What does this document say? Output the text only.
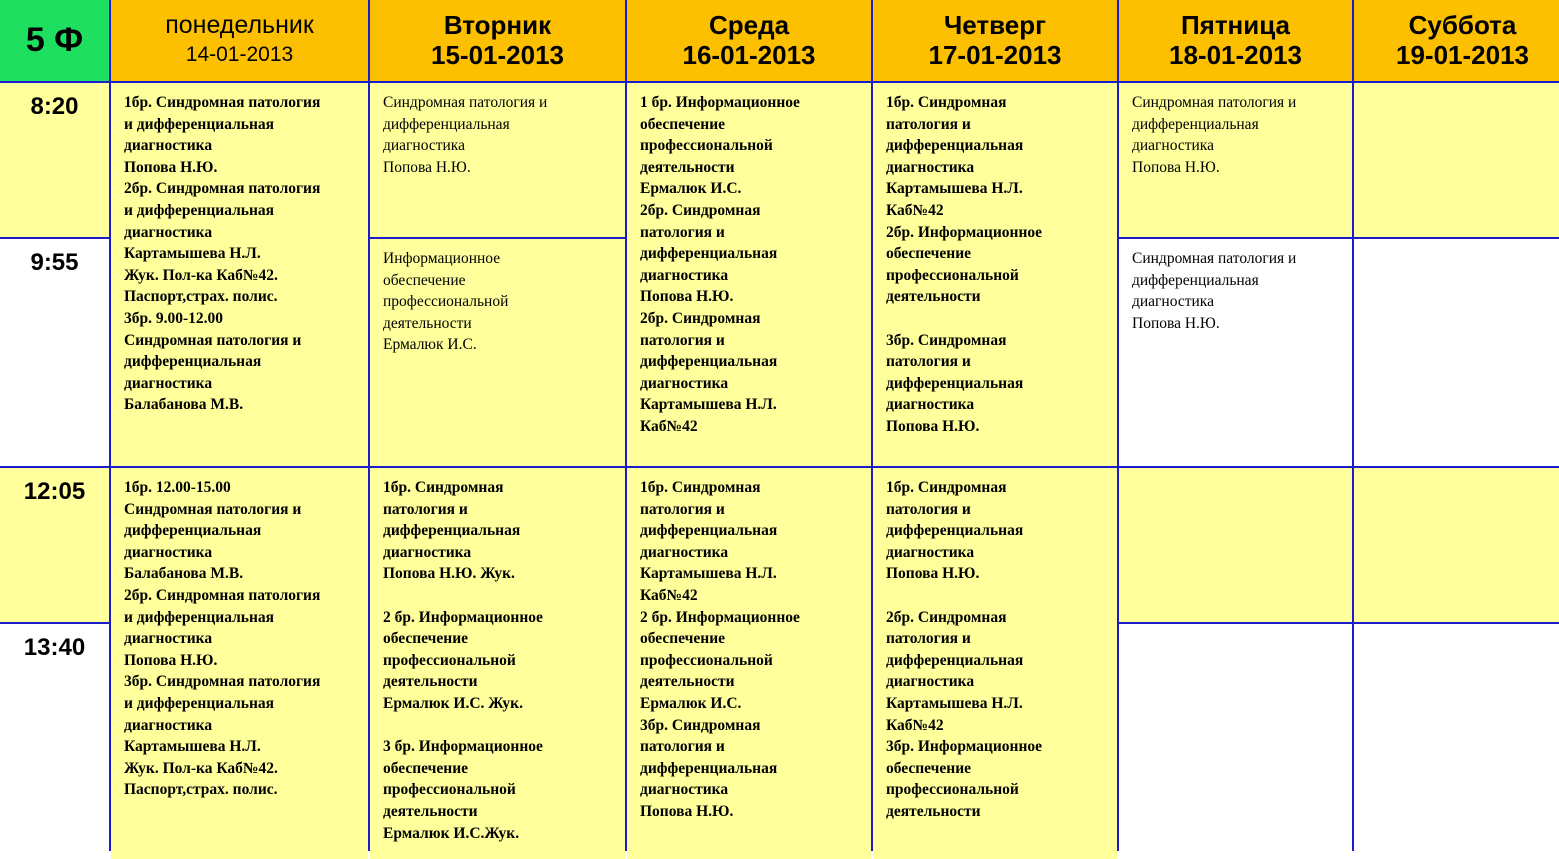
5 Ф	понедельник
14-01-2013
Вторник
15-01-2013
Среда
16-01-2013
Четверг
17-01-2013
Пятница
18-01-2013
Суббота
19-01-2013
8:20
9:55
12:05
13:40
1бр. Синдромная патология
и дифференциальная
диагностика
Попова Н.Ю.
2бр. Синдромная патология
и дифференциальная
диагностика
Картамышева Н.Л.
Жук. Пол-ка Каб№42.
Паспорт,страх. полис.
3бр. 9.00-12.00
Синдромная патология и
дифференциальная
диагностика
Балабанова М.В.
Синдромная патология и
дифференциальная
диагностика
Попова Н.Ю.
Информационное
обеспечение
профессиональной
деятельности
Ермалюк И.С.
1 бр. Информационное
обеспечение
профессиональной
деятельности
Ермалюк И.С.
2бр. Синдромная
патология и
дифференциальная
диагностика
Попова Н.Ю.
2бр. Синдромная
патология и
дифференциальная
диагностика
Картамышева Н.Л.
Каб№42
1бр. Синдромная
патология и
дифференциальная
диагностика
Картамышева Н.Л.
Каб№42
2бр. Информационное
обеспечение
профессиональной
деятельности

3бр. Синдромная
патология и
дифференциальная
диагностика
Попова Н.Ю.
Синдромная патология и
дифференциальная
диагностика
Попова Н.Ю.
Синдромная патология и
дифференциальная
диагностика
Попова Н.Ю.
1бр. 12.00-15.00
Синдромная патология и
дифференциальная
диагностика
Балабанова М.В.
2бр. Синдромная патология
и дифференциальная
диагностика
Попова Н.Ю.
3бр. Синдромная патология
и дифференциальная
диагностика
Картамышева Н.Л.
Жук. Пол-ка Каб№42.
Паспорт,страх. полис.
1бр. Синдромная
патология и
дифференциальная
диагностика
Попова Н.Ю. Жук.

2 бр. Информационное
обеспечение
профессиональной
деятельности
Ермалюк И.С. Жук.

3 бр. Информационное
обеспечение
профессиональной
деятельности
Ермалюк И.С.Жук.
1бр. Синдромная
патология и
дифференциальная
диагностика
Картамышева Н.Л.
Каб№42
2 бр. Информационное
обеспечение
профессиональной
деятельности
Ермалюк И.С.
3бр. Синдромная
патология и
дифференциальная
диагностика
Попова Н.Ю.
1бр. Синдромная
патология и
дифференциальная
диагностика
Попова Н.Ю.

2бр. Синдромная
патология и
дифференциальная
диагностика
Картамышева Н.Л.
Каб№42
3бр. Информационное
обеспечение
профессиональной
деятельности
